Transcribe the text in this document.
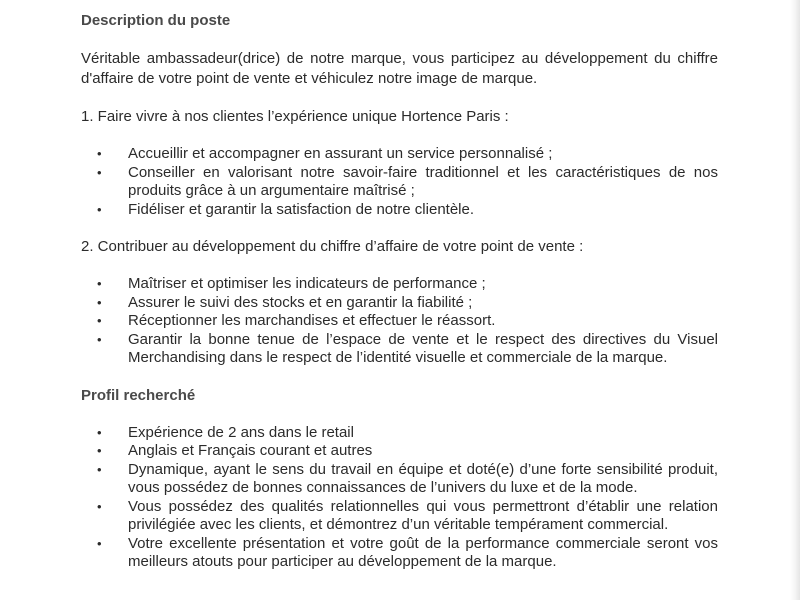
Description du poste
Véritable ambassadeur(drice) de notre marque, vous participez au développement du chiffre d'affaire de votre point de vente et véhiculez notre image de marque.
1. Faire vivre à nos clientes l’expérience unique Hortence Paris :
•	Accueillir et accompagner en assurant un service personnalisé ;
•	Conseiller en valorisant notre savoir-faire traditionnel et les caractéristiques de nos produits grâce à un argumentaire maîtrisé ;
•	Fidéliser et garantir la satisfaction de notre clientèle.
2. Contribuer au développement du chiffre d’affaire de votre point de vente :
•	Maîtriser et optimiser les indicateurs de performance ;
•	Assurer le suivi des stocks et en garantir la fiabilité ;
•	Réceptionner les marchandises et effectuer le réassort.
•	Garantir la bonne tenue de l’espace de vente et le respect des directives du Visuel Merchandising dans le respect de l’identité visuelle et commerciale de la marque.
Profil recherché
•	Expérience de 2 ans dans le retail
•	Anglais et Français courant et autres
•	Dynamique, ayant le sens du travail en équipe et doté(e) d’une forte sensibilité produit, vous possédez de bonnes connaissances de l’univers du luxe et de la mode.
•	Vous possédez des qualités relationnelles qui vous permettront d’établir une relation privilégiée avec les clients, et démontrez d’un véritable tempérament commercial.
•	Votre excellente présentation et votre goût de la performance commerciale seront vos meilleurs atouts pour participer au développement de la marque.
